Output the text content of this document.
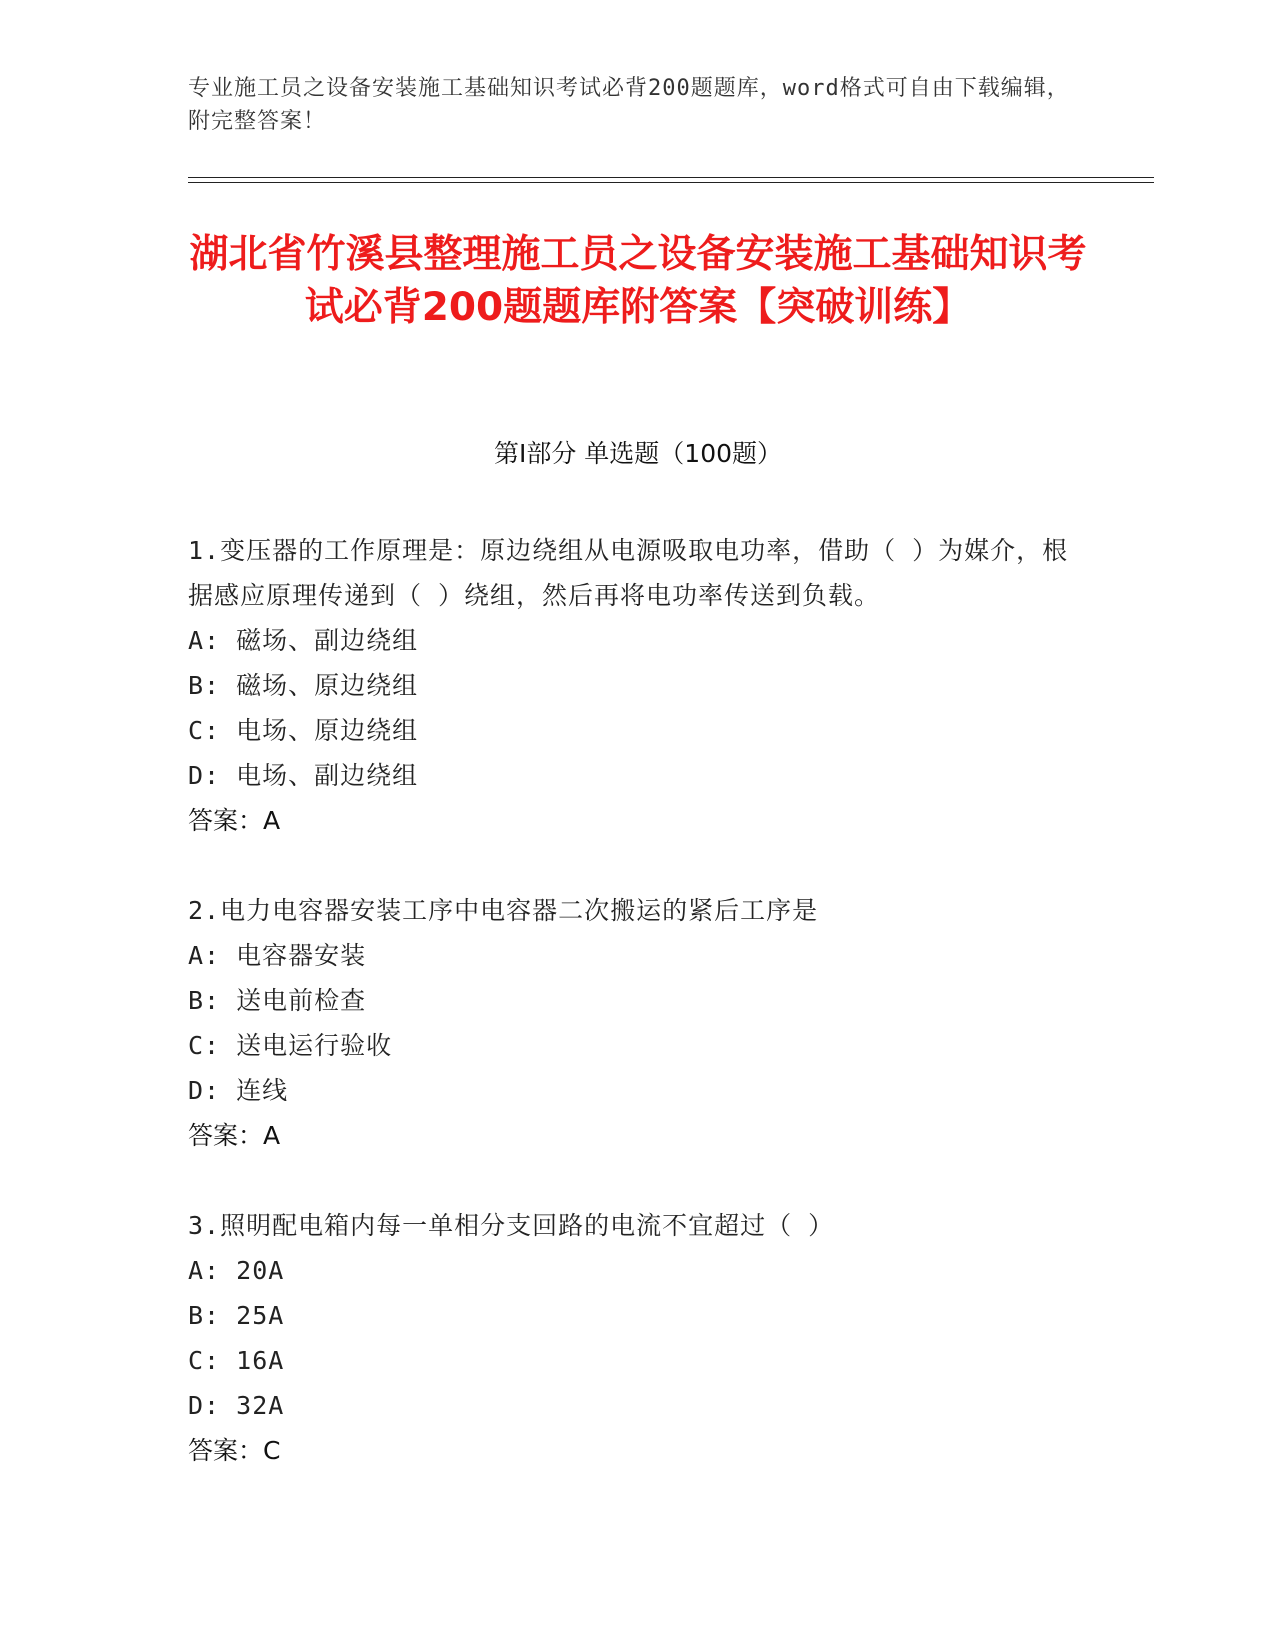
专业施工员之设备安装施工基础知识考试必背200题题库，word格式可自由下载编辑，附完整答案！
湖北省竹溪县整理施工员之设备安装施工基础知识考试必背200题题库附答案【突破训练】
第Ⅰ部分 单选题（100题）
1.变压器的工作原理是：原边绕组从电源吸取电功率，借助（ ）为媒介，根据感应原理传递到（ ）绕组，然后再将电功率传送到负载。
A: 磁场、副边绕组
B: 磁场、原边绕组
C: 电场、原边绕组
D: 电场、副边绕组
答案：A
2.电力电容器安装工序中电容器二次搬运的紧后工序是
A: 电容器安装
B: 送电前检查
C: 送电运行验收
D: 连线
答案：A
3.照明配电箱内每一单相分支回路的电流不宜超过（ ）
A: 20A
B: 25A
C: 16A
D: 32A
答案：C
